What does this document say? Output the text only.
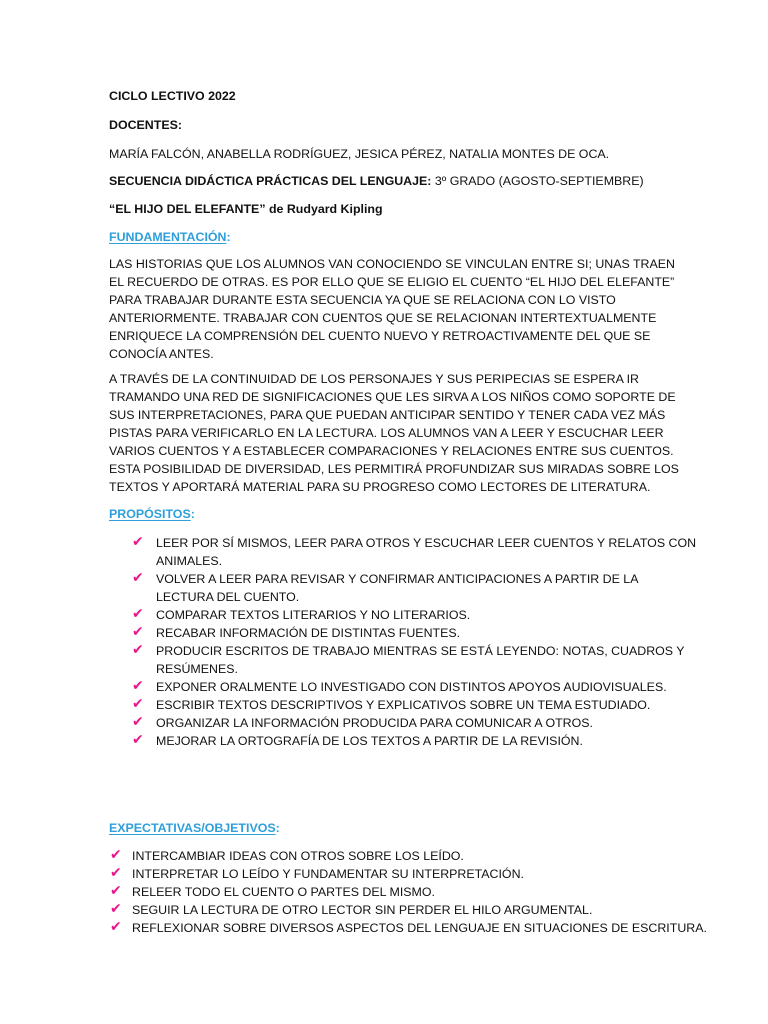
CICLO LECTIVO 2022

DOCENTES:

MARÍA FALCÓN, ANABELLA RODRÍGUEZ, JESICA PÉREZ, NATALIA MONTES DE OCA.

SECUENCIA DIDÁCTICA PRÁCTICAS DEL LENGUAJE: 3º GRADO (AGOSTO-SEPTIEMBRE)

“EL HIJO DEL ELEFANTE” de Rudyard Kipling

FUNDAMENTACIÓN:

LAS HISTORIAS QUE LOS ALUMNOS VAN CONOCIENDO SE VINCULAN ENTRE SI; UNAS TRAEN
EL RECUERDO DE OTRAS. ES POR ELLO QUE SE ELIGIO EL CUENTO “EL HIJO DEL ELEFANTE”
PARA TRABAJAR DURANTE ESTA SECUENCIA YA QUE SE RELACIONA CON LO VISTO
ANTERIORMENTE. TRABAJAR CON CUENTOS QUE SE RELACIONAN INTERTEXTUALMENTE
ENRIQUECE LA COMPRENSIÓN DEL CUENTO NUEVO Y RETROACTIVAMENTE DEL QUE SE
CONOCÍA ANTES.
A TRAVÉS DE LA CONTINUIDAD DE LOS PERSONAJES Y SUS PERIPECIAS SE ESPERA IR
TRAMANDO UNA RED DE SIGNIFICACIONES QUE LES SIRVA A LOS NIÑOS COMO SOPORTE DE
SUS INTERPRETACIONES, PARA QUE PUEDAN ANTICIPAR SENTIDO Y TENER CADA VEZ MÁS
PISTAS PARA VERIFICARLO EN LA LECTURA. LOS ALUMNOS VAN A LEER Y ESCUCHAR LEER
VARIOS CUENTOS Y A ESTABLECER COMPARACIONES Y RELACIONES ENTRE SUS CUENTOS.
ESTA POSIBILIDAD DE DIVERSIDAD, LES PERMITIRÁ PROFUNDIZAR SUS MIRADAS SOBRE LOS
TEXTOS Y APORTARÁ MATERIAL PARA SU PROGRESO COMO LECTORES DE LITERATURA.

PROPÓSITOS:

✔ LEER POR SÍ MISMOS, LEER PARA OTROS Y ESCUCHAR LEER CUENTOS Y RELATOS CON
ANIMALES.
✔ VOLVER A LEER PARA REVISAR Y CONFIRMAR ANTICIPACIONES A PARTIR DE LA
LECTURA DEL CUENTO.
✔ COMPARAR TEXTOS LITERARIOS Y NO LITERARIOS.
✔ RECABAR INFORMACIÓN DE DISTINTAS FUENTES.
✔ PRODUCIR ESCRITOS DE TRABAJO MIENTRAS SE ESTÁ LEYENDO: NOTAS, CUADROS Y
RESÚMENES.
✔ EXPONER ORALMENTE LO INVESTIGADO CON DISTINTOS APOYOS AUDIOVISUALES.
✔ ESCRIBIR TEXTOS DESCRIPTIVOS Y EXPLICATIVOS SOBRE UN TEMA ESTUDIADO.
✔ ORGANIZAR LA INFORMACIÓN PRODUCIDA PARA COMUNICAR A OTROS.
✔ MEJORAR LA ORTOGRAFÍA DE LOS TEXTOS A PARTIR DE LA REVISIÓN.

EXPECTATIVAS/OBJETIVOS:

✔ INTERCAMBIAR IDEAS CON OTROS SOBRE LOS LEÍDO.
✔ INTERPRETAR LO LEÍDO Y FUNDAMENTAR SU INTERPRETACIÓN.
✔ RELEER TODO EL CUENTO O PARTES DEL MISMO.
✔ SEGUIR LA LECTURA DE OTRO LECTOR SIN PERDER EL HILO ARGUMENTAL.
✔ REFLEXIONAR SOBRE DIVERSOS ASPECTOS DEL LENGUAJE EN SITUACIONES DE ESCRITURA.
